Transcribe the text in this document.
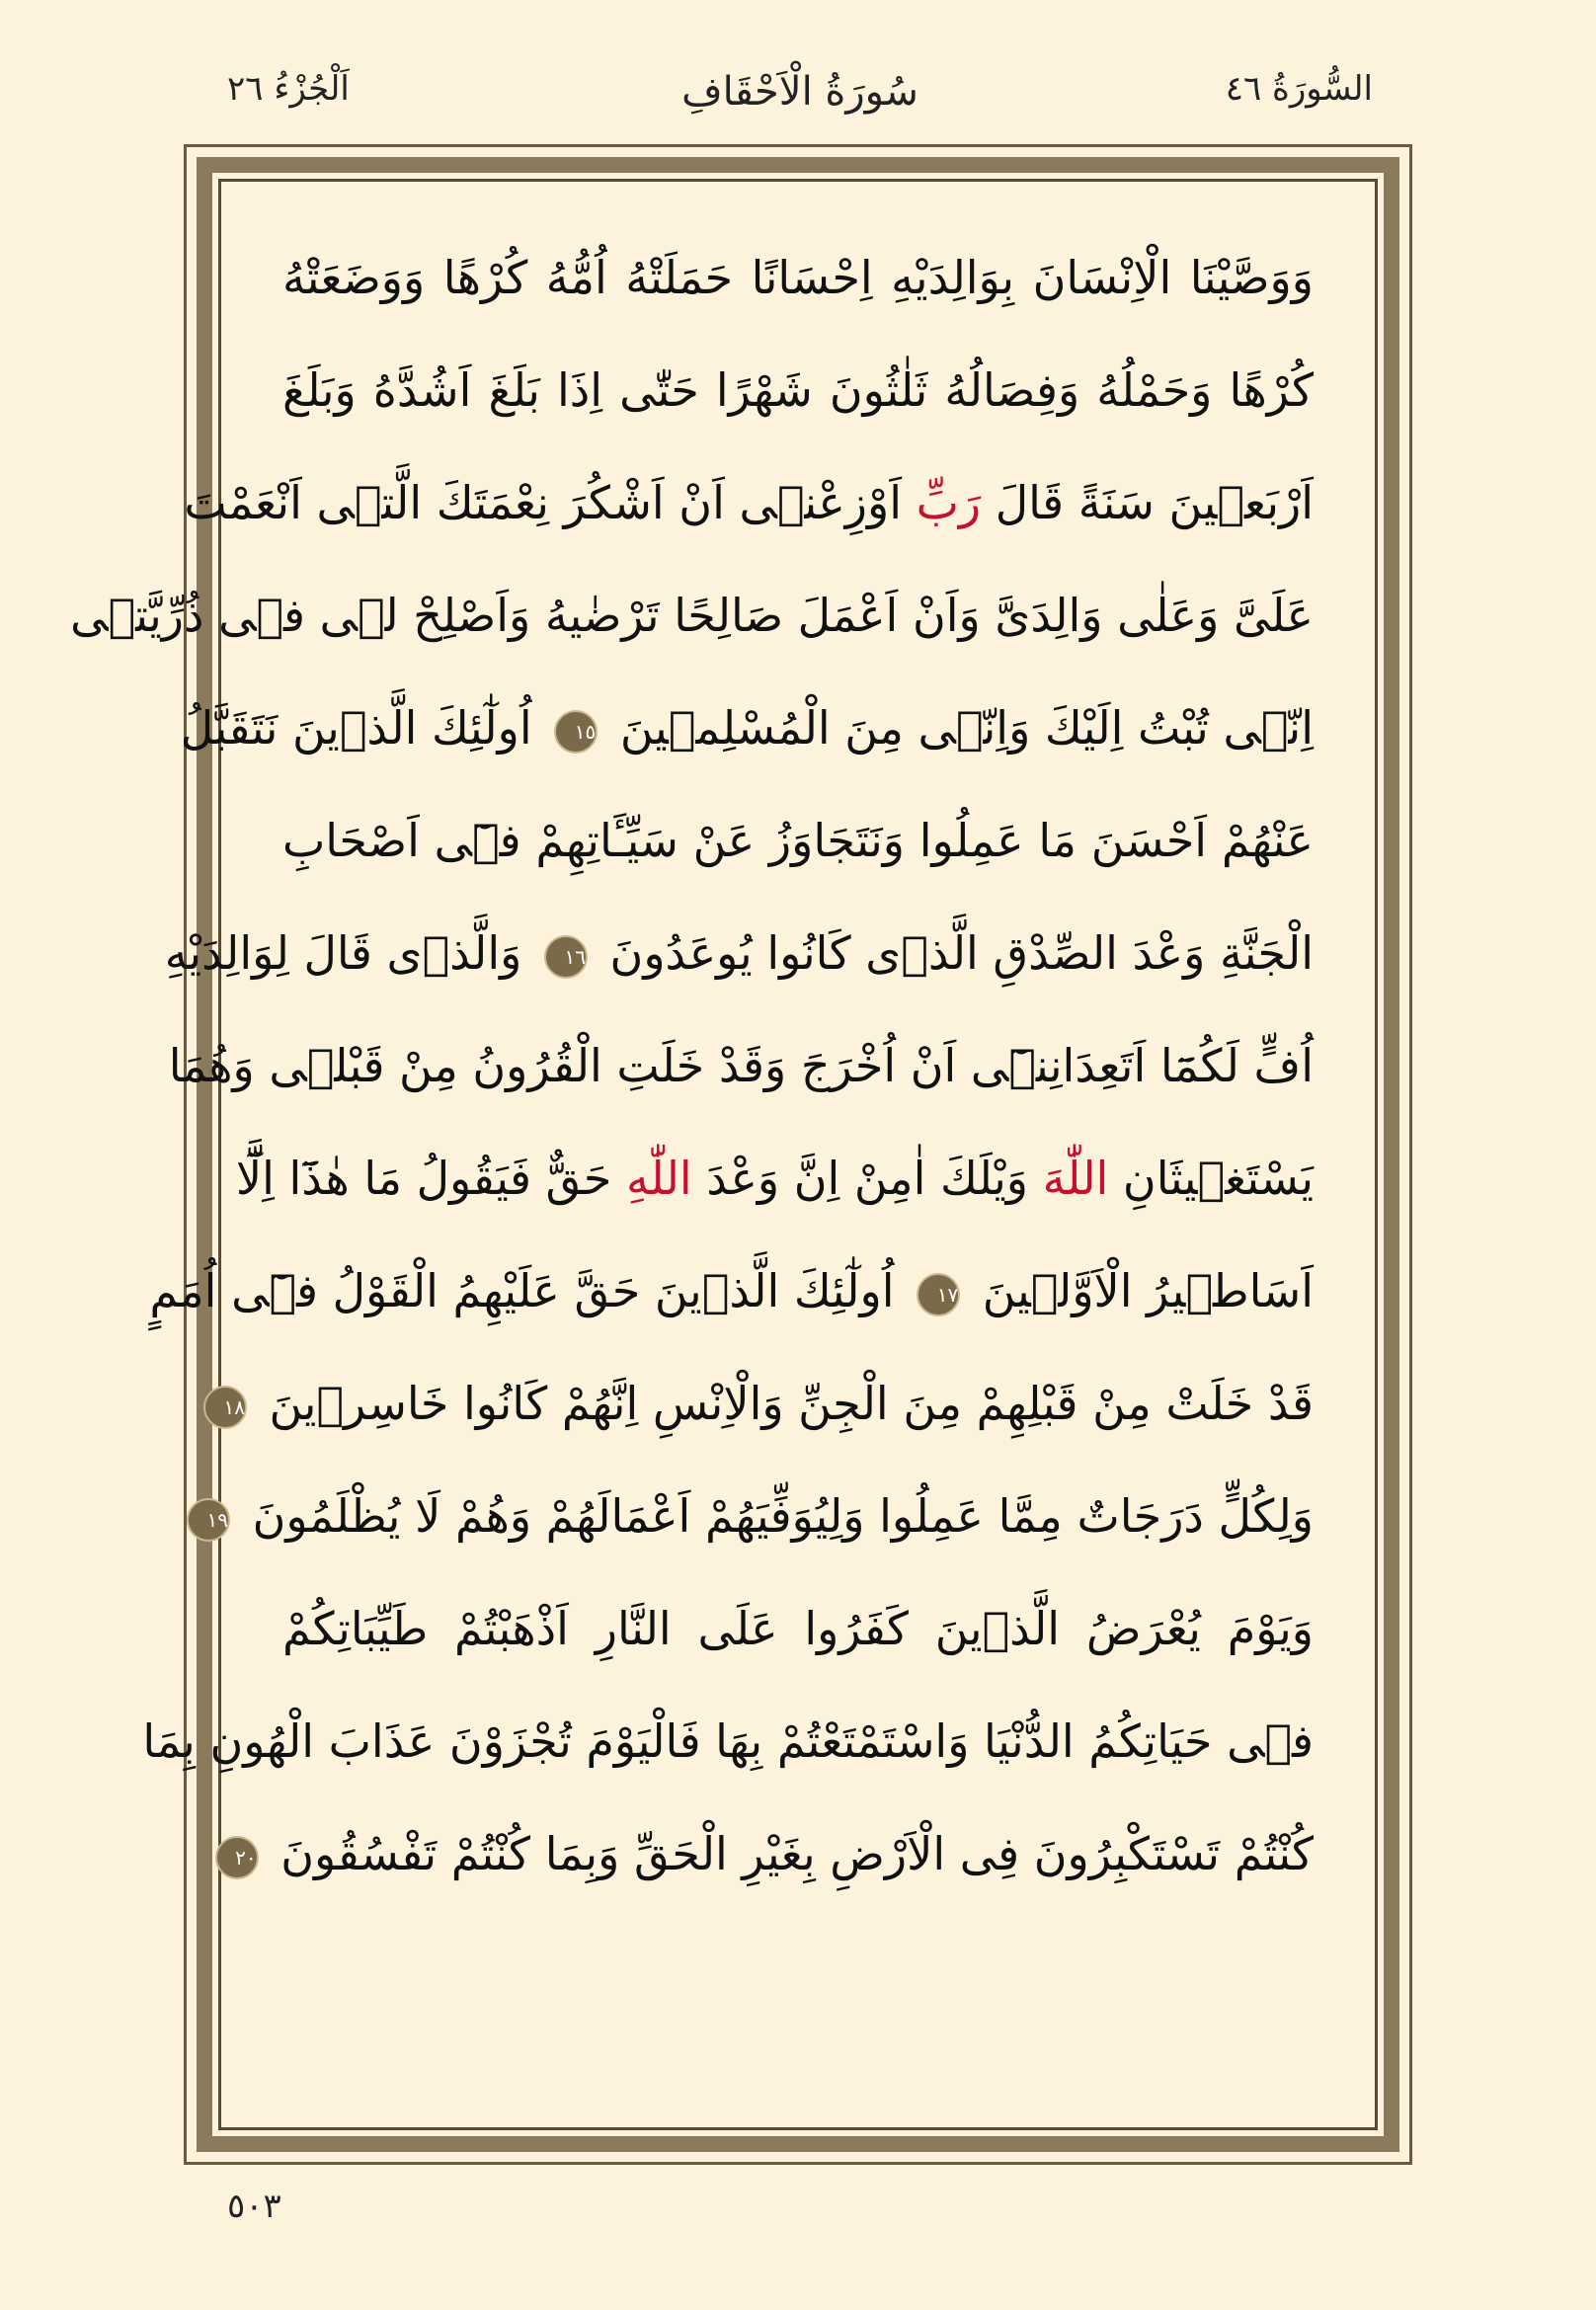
السُّورَةُ ٤٦
سُورَةُ الْاَحْقَافِ
اَلْجُزْءُ ٢٦
وَوَصَّيْنَا الْاِنْسَانَ بِوَالِدَيْهِ اِحْسَانًا حَمَلَتْهُ اُمُّهُ كُرْهًا وَوَضَعَتْهُ
كُرْهًا وَحَمْلُهُ وَفِصَالُهُ ثَلٰثُونَ شَهْرًا حَتّٰى اِذَا بَلَغَ اَشُدَّهُ وَبَلَغَ
اَرْبَعٖينَ سَنَةً قَالَ رَبِّ اَوْزِعْنٖى اَنْ اَشْكُرَ نِعْمَتَكَ الَّتٖى اَنْعَمْتَ
عَلَىَّ وَعَلٰى وَالِدَىَّ وَاَنْ اَعْمَلَ صَالِحًا تَرْضٰيهُ وَاَصْلِحْ لٖى فٖى ذُرِّيَّتٖى
اِنّٖى تُبْتُ اِلَيْكَ وَاِنّٖى مِنَ الْمُسْلِمٖينَ ١٥ اُولٰٓئِكَ الَّذٖينَ نَتَقَبَّلُ
عَنْهُمْ اَحْسَنَ مَا عَمِلُوا وَنَتَجَاوَزُ عَنْ سَيِّـَٔاتِهِمْ فٖٓى اَصْحَابِ
الْجَنَّةِ وَعْدَ الصِّدْقِ الَّذٖى كَانُوا يُوعَدُونَ ١٦ وَالَّذٖى قَالَ لِوَالِدَيْهِ
اُفٍّ لَكُمَٓا اَتَعِدَانِنٖٓى اَنْ اُخْرَجَ وَقَدْ خَلَتِ الْقُرُونُ مِنْ قَبْلٖى وَهُمَا
يَسْتَغٖيثَانِ اللّٰهَ وَيْلَكَ اٰمِنْ اِنَّ وَعْدَ اللّٰهِ حَقٌّ فَيَقُولُ مَا هٰذَٓا اِلَّٓا
اَسَاطٖيرُ الْاَوَّلٖينَ ١٧ اُولٰٓئِكَ الَّذٖينَ حَقَّ عَلَيْهِمُ الْقَوْلُ فٖٓى اُمَمٍ
قَدْ خَلَتْ مِنْ قَبْلِهِمْ مِنَ الْجِنِّ وَالْاِنْسِ اِنَّهُمْ كَانُوا خَاسِرٖينَ ١٨
وَلِكُلٍّ دَرَجَاتٌ مِمَّا عَمِلُوا وَلِيُوَفِّيَهُمْ اَعْمَالَهُمْ وَهُمْ لَا يُظْلَمُونَ ١٩
وَيَوْمَ يُعْرَضُ الَّذٖينَ كَفَرُوا عَلَى النَّارِ اَذْهَبْتُمْ طَيِّبَاتِكُمْ
فٖى حَيَاتِكُمُ الدُّنْيَا وَاسْتَمْتَعْتُمْ بِهَا فَالْيَوْمَ تُجْزَوْنَ عَذَابَ الْهُونِ بِمَا
كُنْتُمْ تَسْتَكْبِرُونَ فِى الْاَرْضِ بِغَيْرِ الْحَقِّ وَبِمَا كُنْتُمْ تَفْسُقُونَ ٢٠
٥٠٣
